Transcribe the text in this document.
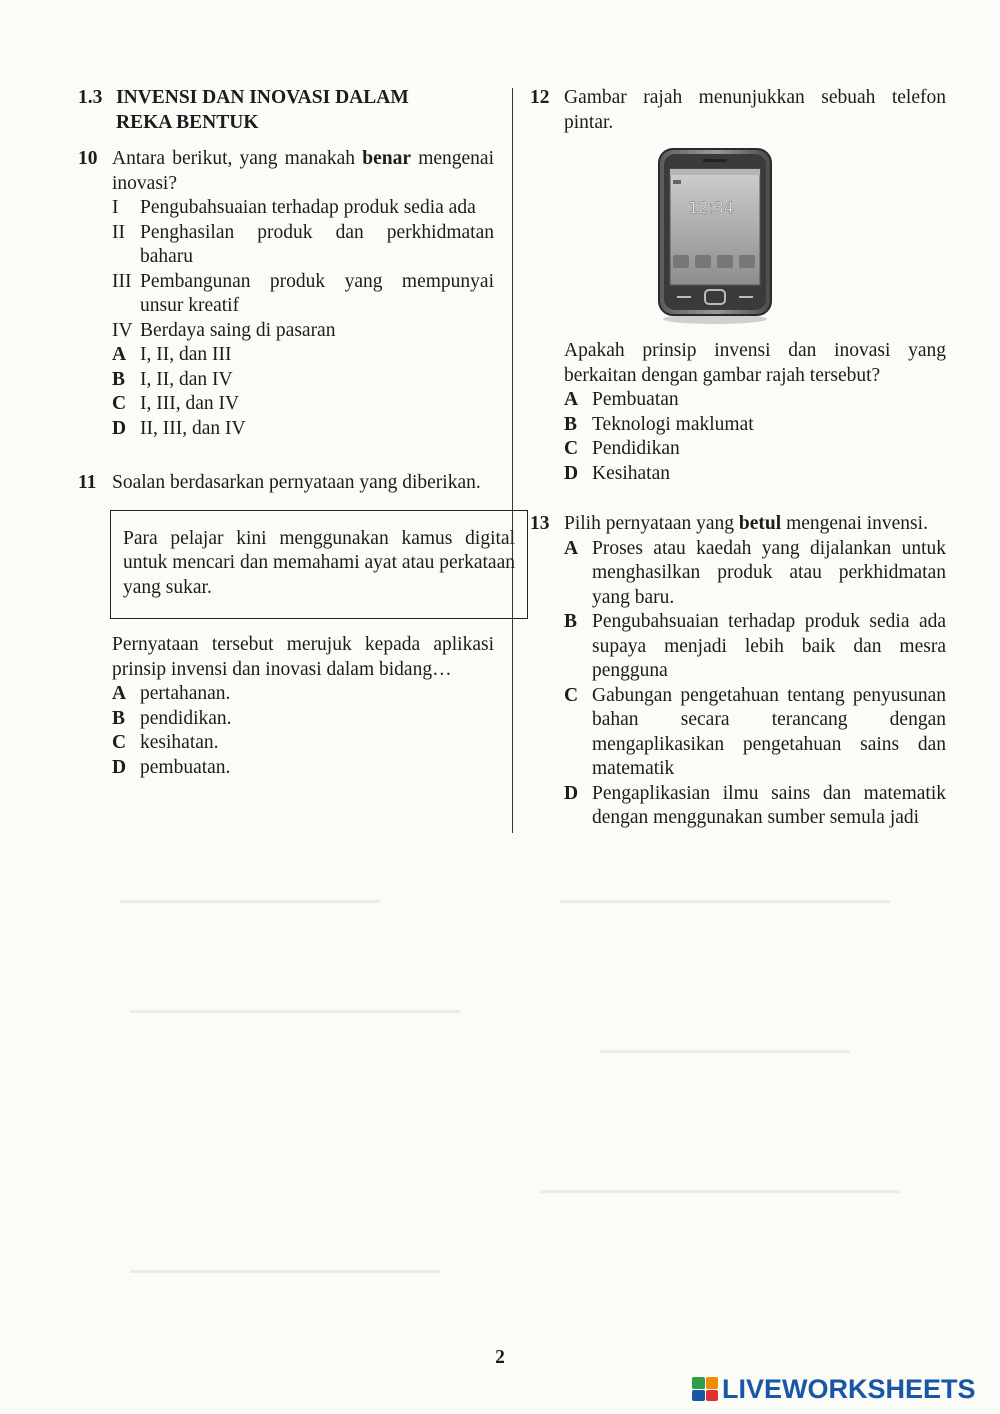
1.3 INVENSI DAN INOVASI DALAM
REKA BENTUK
10 Antara berikut, yang manakah benar mengenai inovasi?
I Pengubahsuaian terhadap produk sedia ada
II Penghasilan produk dan perkhidmatan baharu
III Pembangunan produk yang mempunyai unsur kreatif
IV Berdaya saing di pasaran
A I, II, dan III
B I, II, dan IV
C I, III, dan IV
D II, III, dan IV
11 Soalan berdasarkan pernyataan yang diberikan.
Para pelajar kini menggunakan kamus digital untuk mencari dan memahami ayat atau perkataan yang sukar.
Pernyataan tersebut merujuk kepada aplikasi prinsip invensi dan inovasi dalam bidang…
A pertahanan.
B pendidikan.
C kesihatan.
D pembuatan.
12 Gambar rajah menunjukkan sebuah telefon pintar.
12:34
Apakah prinsip invensi dan inovasi yang berkaitan dengan gambar rajah tersebut?
A Pembuatan
B Teknologi maklumat
C Pendidikan
D Kesihatan
13 Pilih pernyataan yang betul mengenai invensi.
A Proses atau kaedah yang dijalankan untuk menghasilkan produk atau perkhidmatan yang baru.
B Pengubahsuaian terhadap produk sedia ada supaya menjadi lebih baik dan mesra pengguna
C Gabungan pengetahuan tentang penyusunan bahan secara terancang dengan mengaplikasikan pengetahuan sains dan matematik
D Pengaplikasian ilmu sains dan matematik dengan menggunakan sumber semula jadi
2
LIVEWORKSHEETS
